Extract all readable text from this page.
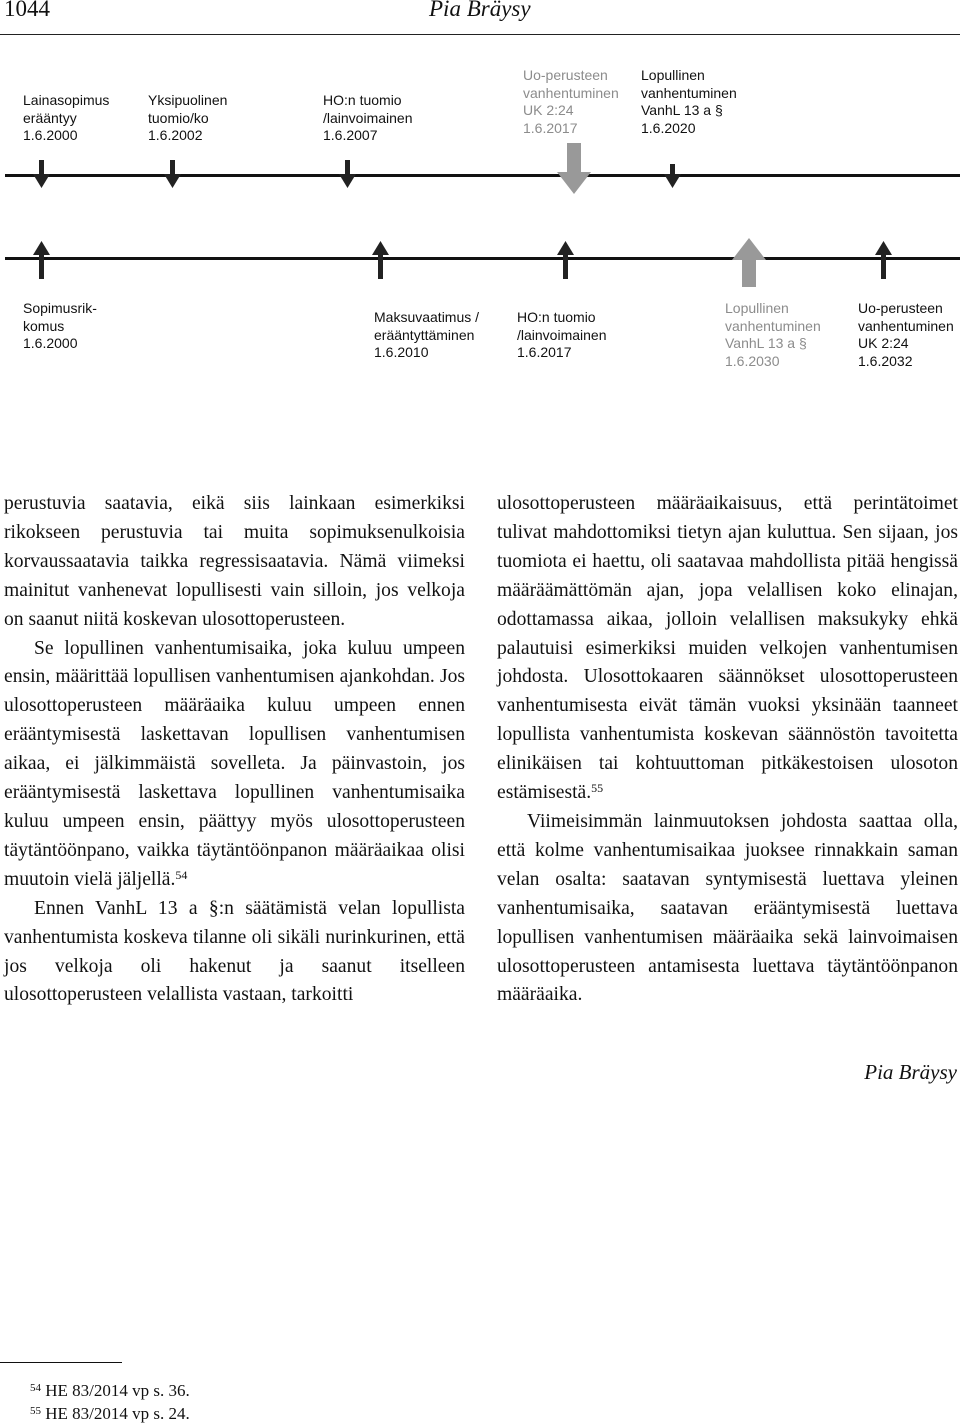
1044	Pia Bräysy
Lainasopimus
erääntyy
1.6.2000
Yksipuolinen
tuomio/ko
1.6.2002
HO:n tuomio
/lainvoimainen
1.6.2007
Uo-perusteen
vanhentuminen
UK 2:24
1.6.2017
Lopullinen
vanhentuminen
VanhL 13 a §
1.6.2020
Sopimusrik-
komus
1.6.2000
Maksuvaatimus /
erääntyttäminen
1.6.2010
HO:n tuomio
/lainvoimainen
1.6.2017
Lopullinen
vanhentuminen
VanhL 13 a §
1.6.2030
Uo-perusteen
vanhentuminen
UK 2:24
1.6.2032

perustuvia saatavia, eikä siis lainkaan esimerkiksi rikokseen perustuvia tai muita sopimuksenulkoisia korvaussaatavia taikka regressisaatavia. Nämä viimeksi mainitut vanhenevat lopullisesti vain silloin, jos velkoja on saanut niitä koskevan ulosottoperusteen.

Se lopullinen vanhentumisaika, joka kuluu umpeen ensin, määrittää lopullisen vanhentumisen ajankohdan. Jos ulosottoperusteen määräaika kuluu umpeen ennen erääntymisestä laskettavan lopullisen vanhentumisen aikaa, ei jälkimmäistä sovelleta. Ja päinvastoin, jos erääntymisestä laskettava lopullinen vanhentumisaika kuluu umpeen ensin, päättyy myös ulosottoperusteen täytäntöönpano, vaikka täytäntöönpanon määräaikaa olisi muutoin vielä jäljellä.$^{54}$

Ennen VanhL 13 a §:n säätämistä velan lopullista vanhentumista koskeva tilanne oli sikäli nurinkurinen, että jos velkoja oli hakenut ja saanut itselleen ulosottoperusteen velallista vastaan, tarkoitti

ulosottoperusteen määräaikaisuus, että perintätoimet tulivat mahdottomiksi tietyn ajan kuluttua. Sen sijaan, jos tuomiota ei haettu, oli saatavaa mahdollista pitää hengissä määräämättömän ajan, jopa velallisen koko elinajan, odottamassa aikaa, jolloin velallisen maksukyky ehkä palautuisi esimerkiksi muiden velkojen vanhentumisen johdosta. Ulosottokaaren säännökset ulosottoperusteen vanhentumisesta eivät tämän vuoksi yksinään taanneet lopullista vanhentumista koskevan säännöstön tavoitetta elinikäisen tai kohtuuttoman pitkäkestoisen ulosoton estämisestä.$^{55}$

Viimeisimmän lainmuutoksen johdosta saattaa olla, että kolme vanhentumisaikaa juoksee rinnakkain saman velan osalta: saatavan syntymisestä luettava yleinen vanhentumisaika, saatavan erääntymisestä luettava lopullisen vanhentumisen määräaika sekä lainvoimaisen ulosottoperusteen antamisesta luettava täytäntöönpanon määräaika.

Pia Bräysy
$^{54}$ HE 83/2014 vp s. 36.
$^{55}$ HE 83/2014 vp s. 24.
